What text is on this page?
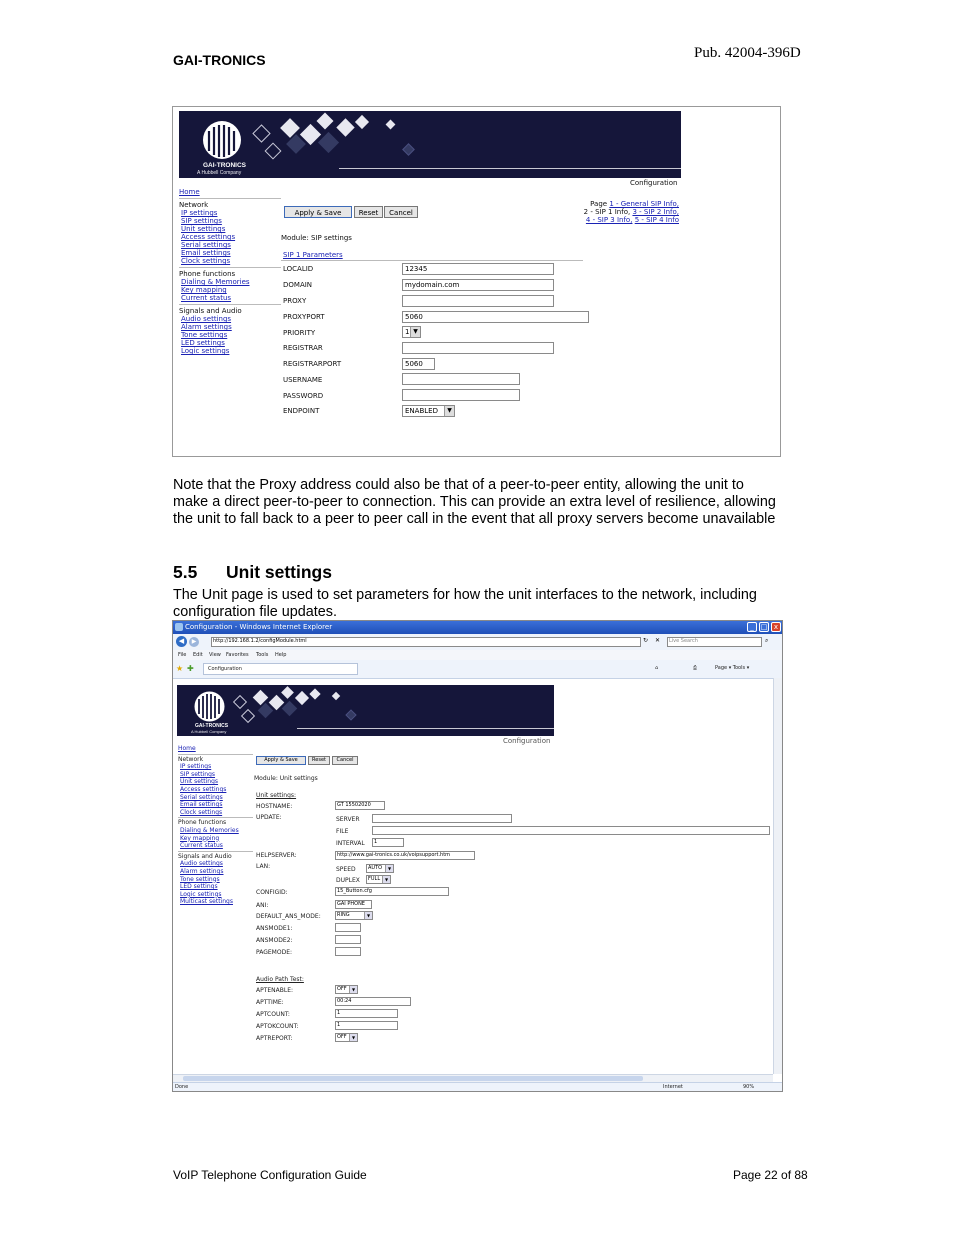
GAI-TRONICS	Pub. 42004-396D
VoIP Telephone Configuration Guide	Page 22 of 88
GAI-TRONICS
A Hubbell Company
Configuration
Home
Network
IP settings
SIP settings
Unit settings
Access settings
Serial settings
Email settings
Clock settings
Phone functions
Dialing & Memories
Key mapping
Current status
Signals and Audio
Audio settings
Alarm settings
Tone settings
LED settings
Logic settings
Apply & Save	Reset	Cancel
Page 1 - General SIP Info,
2 - SIP 1 Info, 3 - SIP 2 Info,
4 - SIP 3 Info, 5 - SIP 4 Info
Module: SIP settings
SIP 1 Parameters
LOCALID	12345
DOMAIN	mydomain.com
PROXY
PROXYPORT	5060
PRIORITY	1 ▼
REGISTRAR
REGISTRARPORT	5060
USERNAME
PASSWORD
ENDPOINT	ENABLED	▼
Note that the Proxy address could also be that of a peer-to-peer entity, allowing the unit to make a direct peer-to-peer to connection. This can provide an extra level of resilience, allowing the unit to fall back to a peer to peer call in the event that all proxy servers become unavailable
5.5 Unit settings
The Unit page is used to set parameters for how the unit interfaces to the network, including configuration file updates.
Configuration - Windows Internet Explorer	_ □ x
◀	▶	http://192.168.1.2/configModule.html	↻ ✕	Live Search	⌕
File Edit View Favorites Tools Help
★ ✚	Configuration	⌂	⎙	Page ▾ Tools ▾
GAI-TRONICS
A Hubbell Company
Configuration
Home
Network
IP settings
SIP settings
Unit settings
Access settings
Serial settings
Email settings
Clock settings
Phone functions
Dialing & Memories
Key mapping
Current status
Signals and Audio
Audio settings
Alarm settings
Tone settings
LED settings
Logic settings
Multicast settings
Apply & Save	Reset	Cancel
Module: Unit settings
Unit settings:
HOSTNAME:	GT 15502020
UPDATE:	SERVER
FILE
INTERVAL	1
HELPSERVER:	http://www.gai-tronics.co.uk/voipsupport.htm
LAN:	SPEED	AUTO	▼
DUPLEX	FULL	▼
CONFIGID:	15_Button.cfg
ANI:	GAI PHONE
DEFAULT_ANS_MODE:	RING	▼
ANSMODE1:
ANSMODE2:
PAGEMODE:
Audio Path Test:
APTENABLE:	OFF	▼
APTTIME:	00:24
APTCOUNT:	1
APTOKCOUNT:	1
APTREPORT:	OFF	▼
Done	Internet	90%
